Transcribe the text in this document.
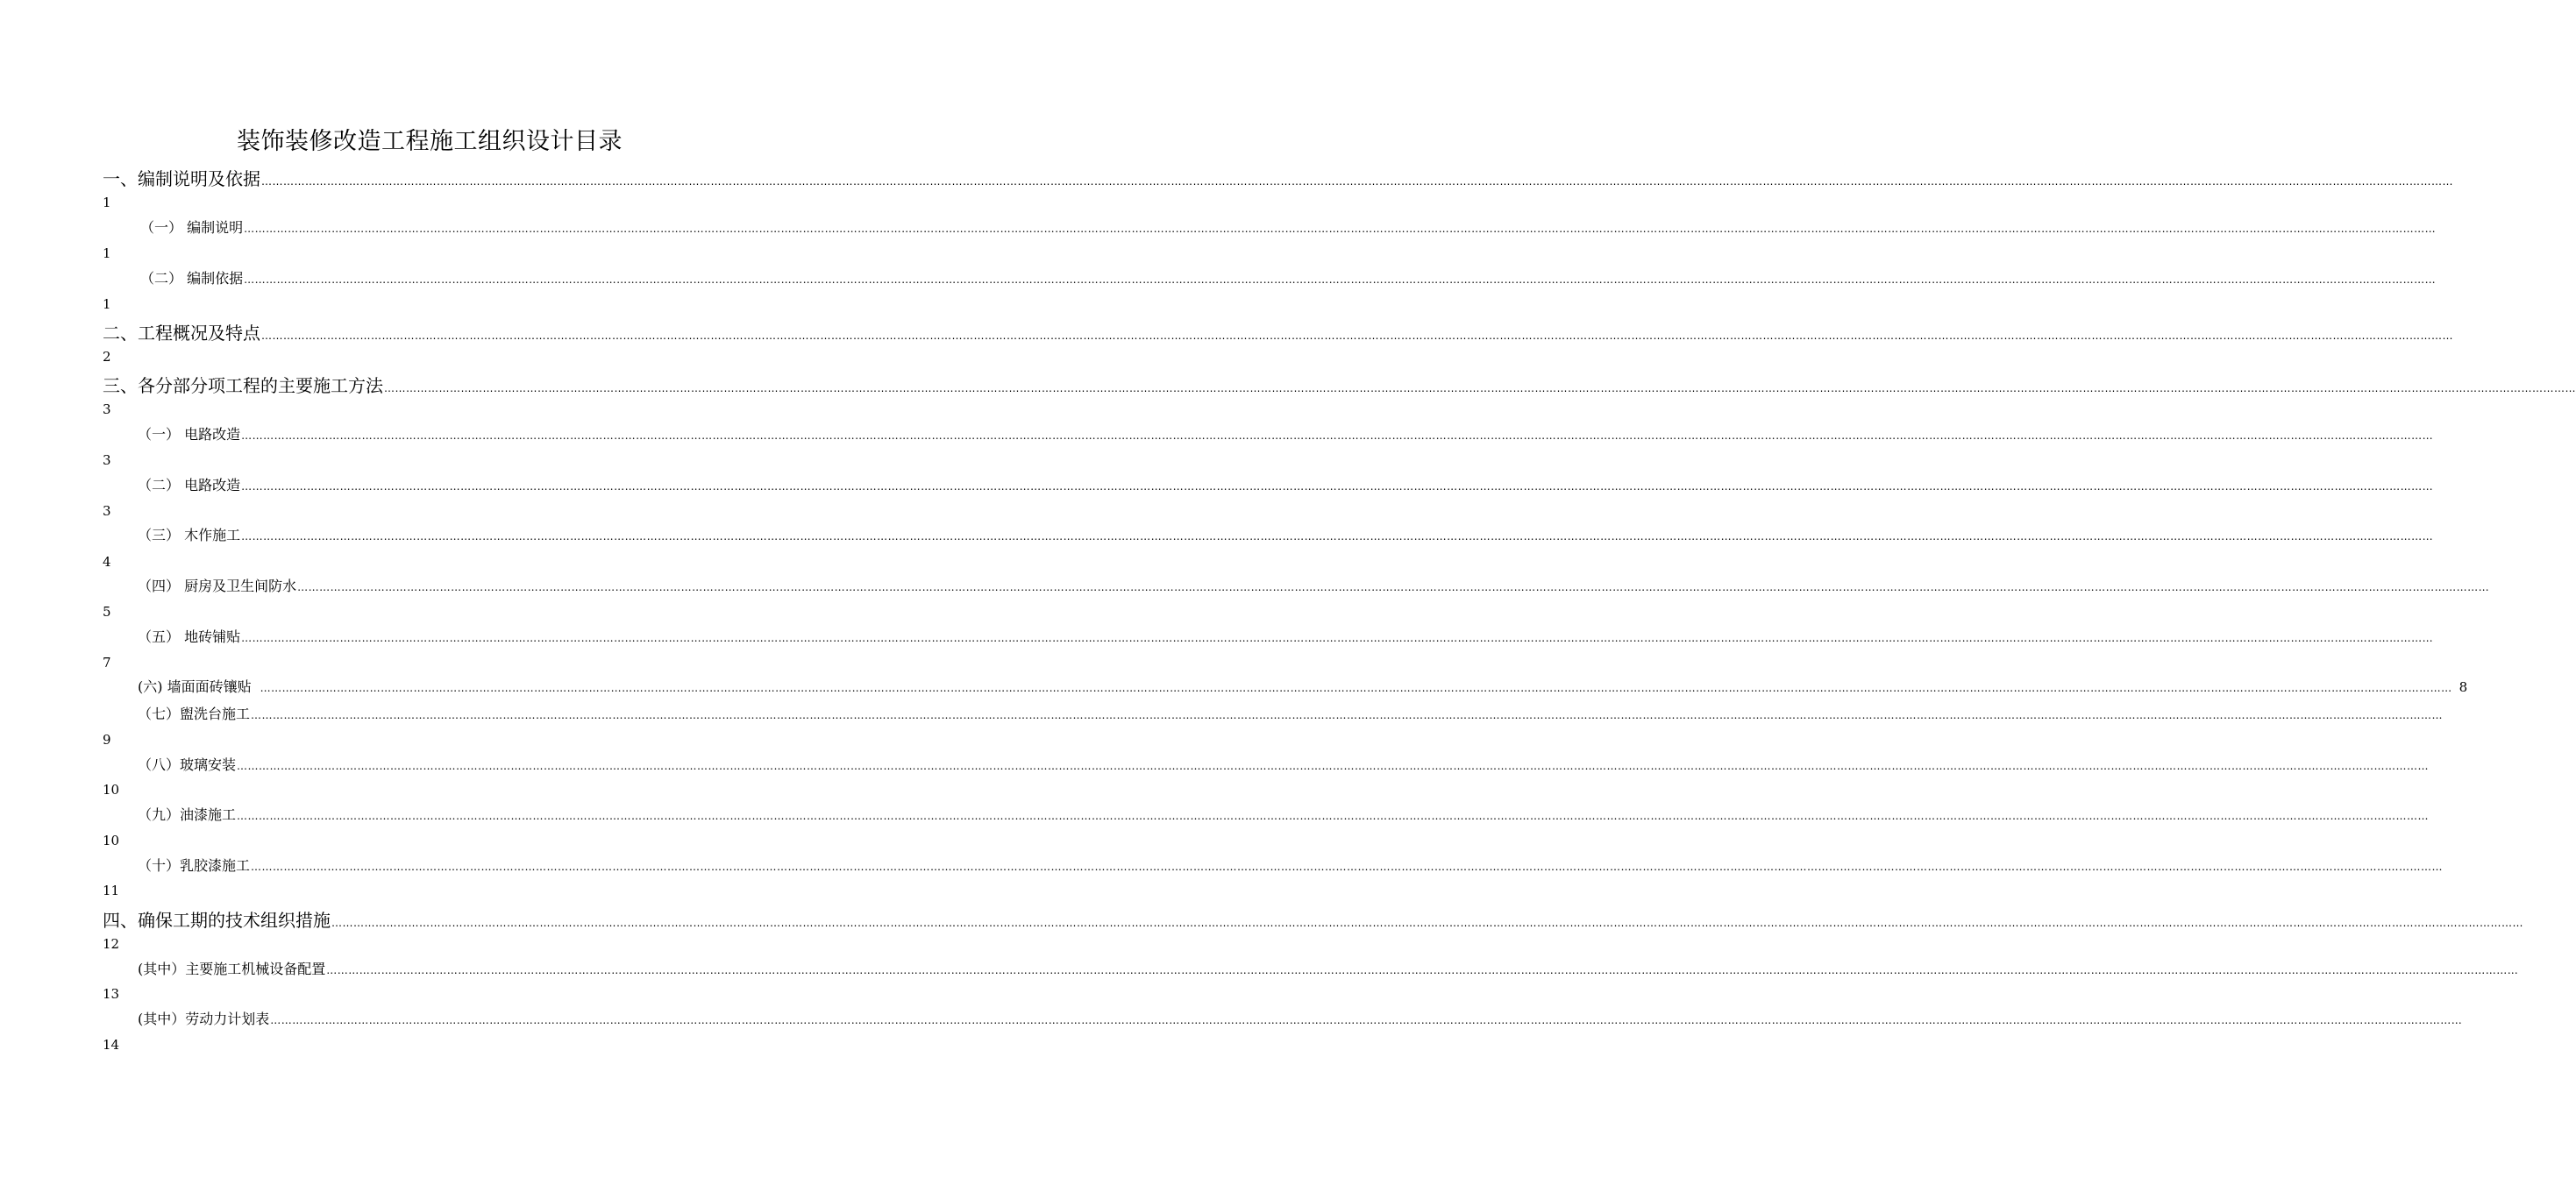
装饰装修改造工程施工组织设计目录
一、编制说明及依据 ……………………………………………………………………………………………………………………………………………………………………………………………………………………………………………………………………………………………………………………………………………………………………………………………………………………………………………………………………………………………………………………………………………………
1
（一） 编制说明 ……………………………………………………………………………………………………………………………………………………………………………………………………………………………………………………………………………………………………………………………………………………………………………………………………………………………………………………………………………………………………………………………………………………
1
（二） 编制依据 ……………………………………………………………………………………………………………………………………………………………………………………………………………………………………………………………………………………………………………………………………………………………………………………………………………………………………………………………………………………………………………………………………………………
1
二、工程概况及特点 ……………………………………………………………………………………………………………………………………………………………………………………………………………………………………………………………………………………………………………………………………………………………………………………………………………………………………………………………………………………………………………………………………………………
2
三、各分部分项工程的主要施工方法 ……………………………………………………………………………………………………………………………………………………………………………………………………………………………………………………………………………………………………………………………………………………………………………………………………………………………………………………………………………………………………………………………………………………
3
（一） 电路改造 ……………………………………………………………………………………………………………………………………………………………………………………………………………………………………………………………………………………………………………………………………………………………………………………………………………………………………………………………………………………………………………………………………………………
3
（二） 电路改造 ……………………………………………………………………………………………………………………………………………………………………………………………………………………………………………………………………………………………………………………………………………………………………………………………………………………………………………………………………………………………………………………………………………………
3
（三） 木作施工 ……………………………………………………………………………………………………………………………………………………………………………………………………………………………………………………………………………………………………………………………………………………………………………………………………………………………………………………………………………………………………………………………………………………
4
（四） 厨房及卫生间防水 ……………………………………………………………………………………………………………………………………………………………………………………………………………………………………………………………………………………………………………………………………………………………………………………………………………………………………………………………………………………………………………………………………………………
5
（五） 地砖铺贴 ……………………………………………………………………………………………………………………………………………………………………………………………………………………………………………………………………………………………………………………………………………………………………………………………………………………………………………………………………………………………………………………………………………………
7
(六) 墙面面砖镶贴 …………………………………………………………………………………………………………………………………………………………………………………………………………………………………………………………………………………………………………………………………………………………………………………………………………………………………………………………………………………………………………………………………………………… 8
（七）盥洗台施工 ……………………………………………………………………………………………………………………………………………………………………………………………………………………………………………………………………………………………………………………………………………………………………………………………………………………………………………………………………………………………………………………………………………………
9
（八）玻璃安装 ……………………………………………………………………………………………………………………………………………………………………………………………………………………………………………………………………………………………………………………………………………………………………………………………………………………………………………………………………………………………………………………………………………………
10
（九）油漆施工 ……………………………………………………………………………………………………………………………………………………………………………………………………………………………………………………………………………………………………………………………………………………………………………………………………………………………………………………………………………………………………………………………………………………
10
（十）乳胶漆施工 ……………………………………………………………………………………………………………………………………………………………………………………………………………………………………………………………………………………………………………………………………………………………………………………………………………………………………………………………………………………………………………………………………………………
11
四、确保工期的技术组织措施 ……………………………………………………………………………………………………………………………………………………………………………………………………………………………………………………………………………………………………………………………………………………………………………………………………………………………………………………………………………………………………………………………………………………
12
(其中）主要施工机械设备配置 ……………………………………………………………………………………………………………………………………………………………………………………………………………………………………………………………………………………………………………………………………………………………………………………………………………………………………………………………………………………………………………………………………………………
13
(其中）劳动力计划表 ……………………………………………………………………………………………………………………………………………………………………………………………………………………………………………………………………………………………………………………………………………………………………………………………………………………………………………………………………………………………………………………………………………………
14
